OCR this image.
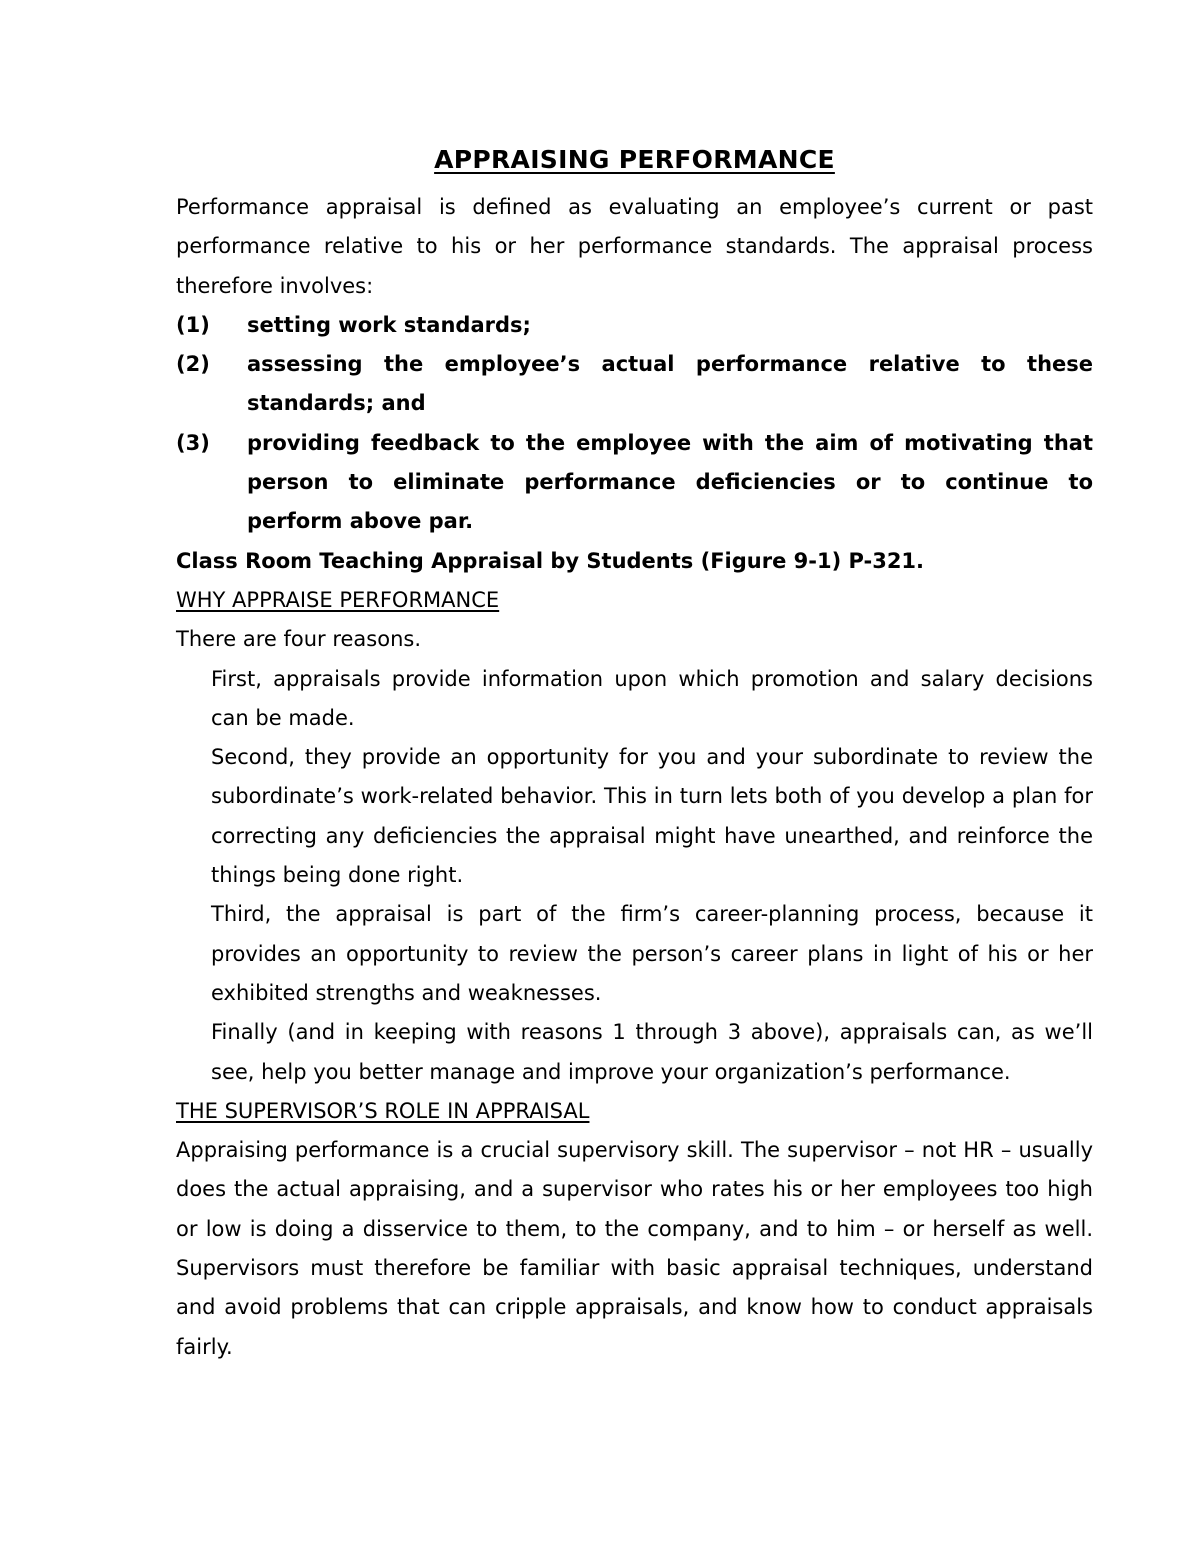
APPRAISING PERFORMANCE

Performance appraisal is defined as evaluating an employee’s current or past performance relative to his or her performance standards. The appraisal process therefore involves:

(1)	setting work standards;
(2)	assessing the employee’s actual performance relative to these standards; and
(3)	providing feedback to the employee with the aim of motivating that person to eliminate performance deficiencies or to continue to perform above par.

Class Room Teaching Appraisal by Students (Figure 9-1) P-321.

WHY APPRAISE PERFORMANCE

There are four reasons.

First, appraisals provide information upon which promotion and salary decisions can be made.
Second, they provide an opportunity for you and your subordinate to review the subordinate’s work-related behavior. This in turn lets both of you develop a plan for correcting any deficiencies the appraisal might have unearthed, and reinforce the things being done right.
Third, the appraisal is part of the firm’s career-planning process, because it provides an opportunity to review the person’s career plans in light of his or her exhibited strengths and weaknesses.
Finally (and in keeping with reasons 1 through 3 above), appraisals can, as we’ll see, help you better manage and improve your organization’s performance.

THE SUPERVISOR’S ROLE IN APPRAISAL

Appraising performance is a crucial supervisory skill. The supervisor – not HR – usually does the actual appraising, and a supervisor who rates his or her employees too high or low is doing a disservice to them, to the company, and to him – or herself as well. Supervisors must therefore be familiar with basic appraisal techniques, understand and avoid problems that can cripple appraisals, and know how to conduct appraisals fairly.
